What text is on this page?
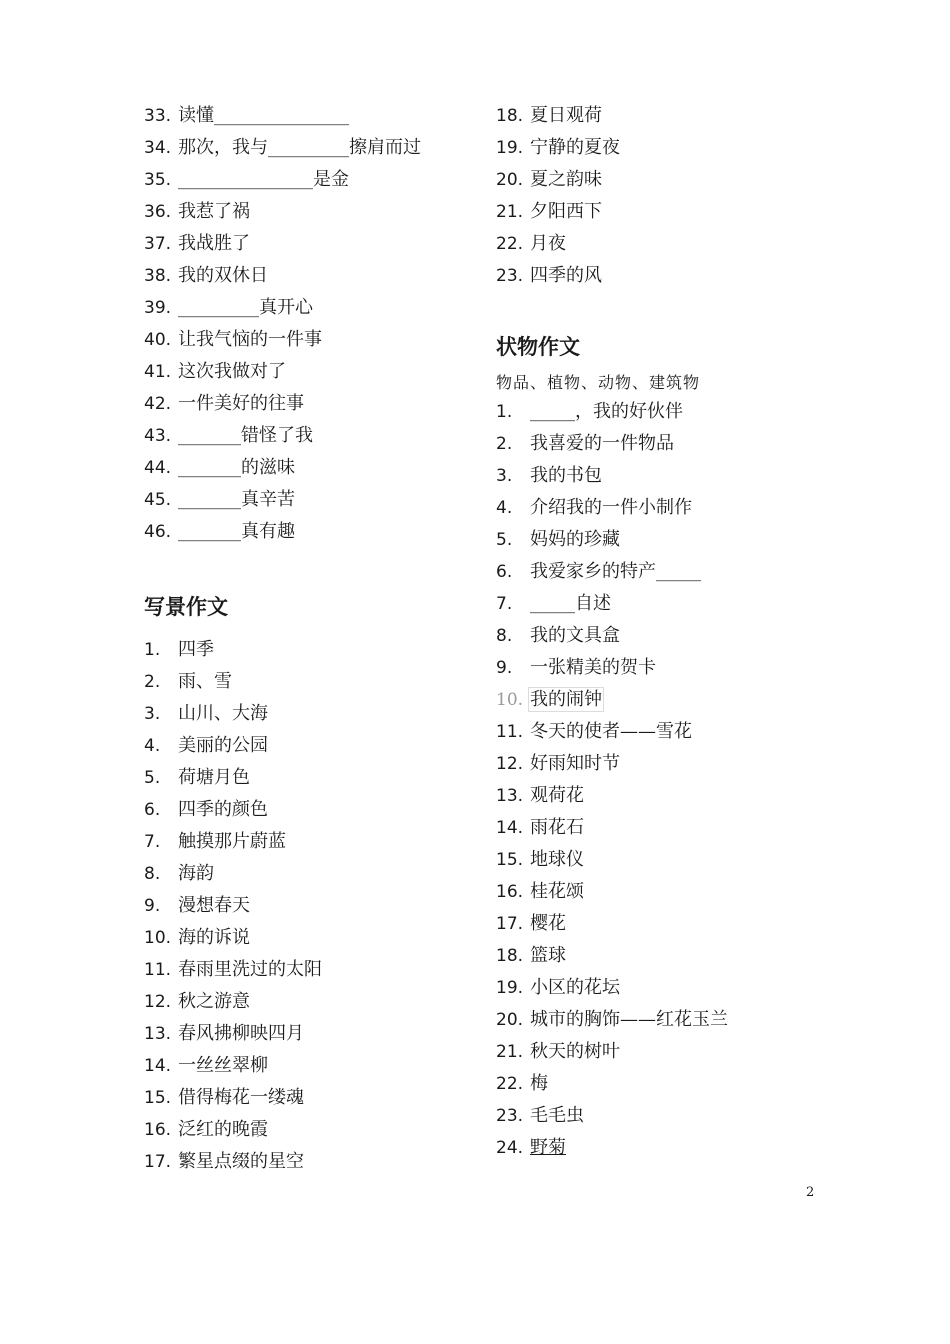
33. 读懂_______________
34. 那次，我与_________擦肩而过
35. _______________是金
36. 我惹了祸
37. 我战胜了
38. 我的双休日
39. _________真开心
40. 让我气恼的一件事
41. 这次我做对了
42. 一件美好的往事
43. _______错怪了我
44. _______的滋味
45. _______真辛苦
46. _______真有趣
写景作文
1. 四季
2. 雨、雪
3. 山川、大海
4. 美丽的公园
5. 荷塘月色
6. 四季的颜色
7. 触摸那片蔚蓝
8. 海韵
9. 漫想春天
10. 海的诉说
11. 春雨里洗过的太阳
12. 秋之游意
13. 春风拂柳映四月
14. 一丝丝翠柳
15. 借得梅花一缕魂
16. 泛红的晚霞
17. 繁星点缀的星空
18. 夏日观荷
19. 宁静的夏夜
20. 夏之韵味
21. 夕阳西下
22. 月夜
23. 四季的风
状物作文

物品、植物、动物、建筑物

1. _____，我的好伙伴
2. 我喜爱的一件物品
3. 我的书包
4. 介绍我的一件小制作
5. 妈妈的珍藏
6. 我爱家乡的特产_____
7. _____自述
8. 我的文具盒
9. 一张精美的贺卡
10. 我的闹钟
11. 冬天的使者——雪花
12. 好雨知时节
13. 观荷花
14. 雨花石
15. 地球仪
16. 桂花颂
17. 樱花
18. 篮球
19. 小区的花坛
20. 城市的胸饰——红花玉兰
21. 秋天的树叶
22. 梅
23. 毛毛虫
24. 野菊
2
